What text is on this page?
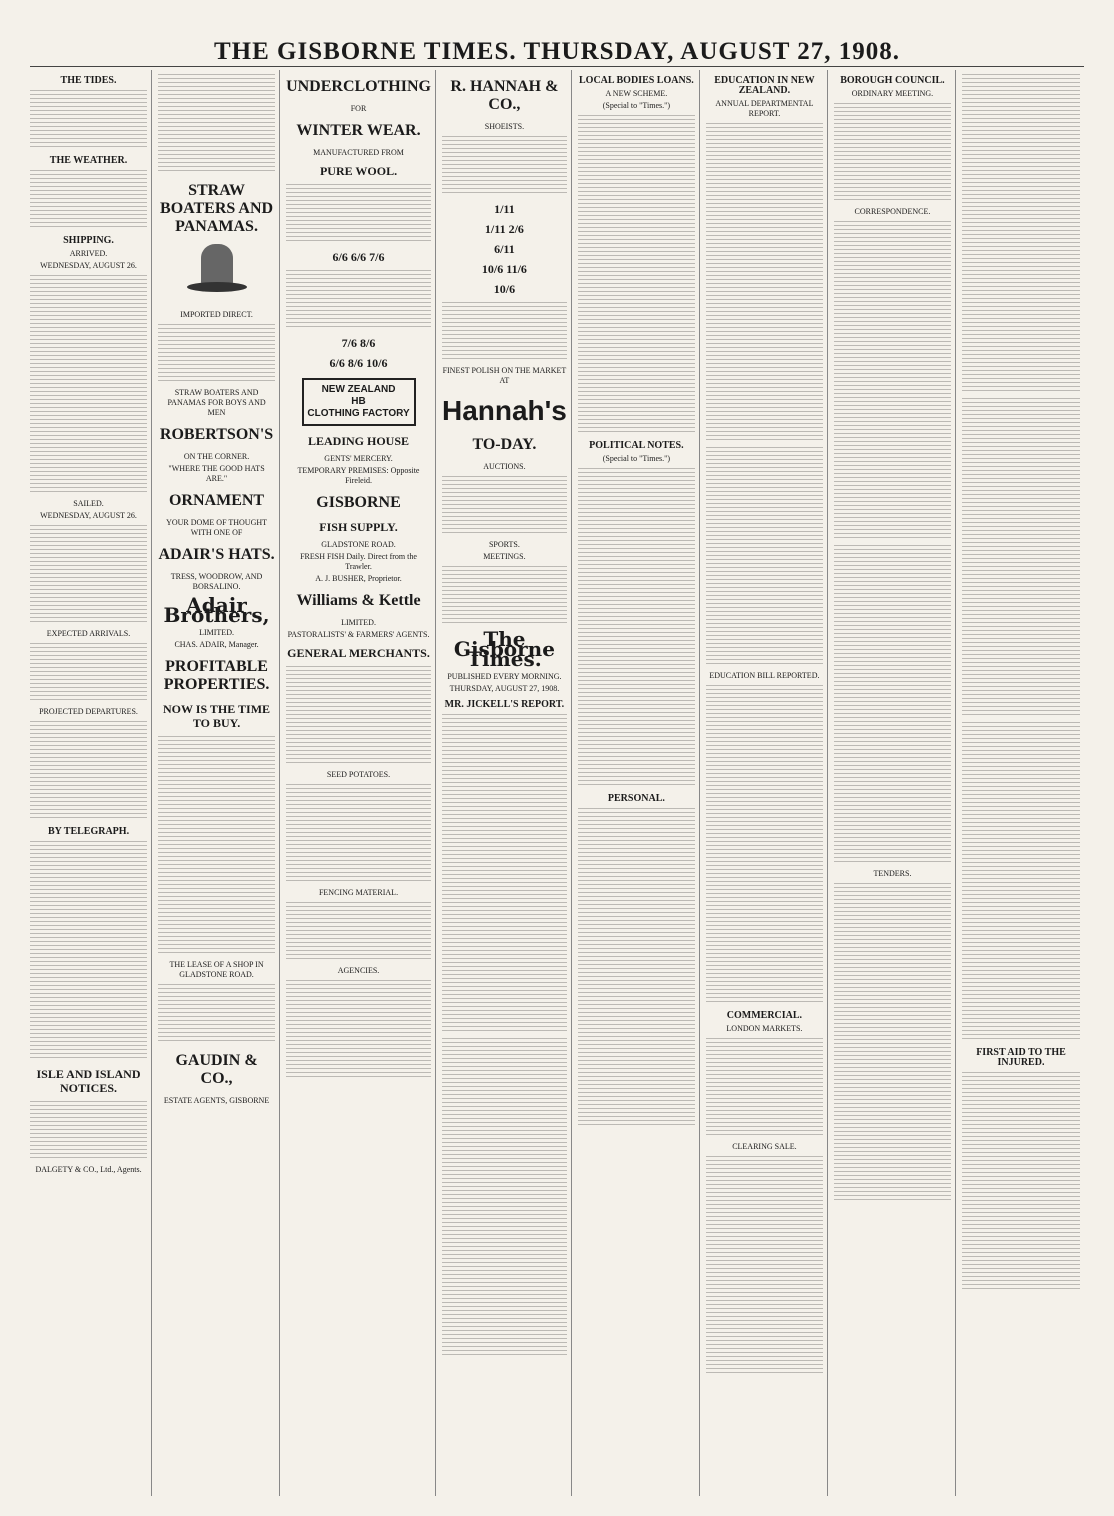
THE GISBORNE TIMES. THURSDAY, AUGUST 27, 1908.
THE TIDES.
THE WEATHER.
SHIPPING.
ARRIVED.
WEDNESDAY, AUGUST 26.
SAILED.
WEDNESDAY, AUGUST 26.
EXPECTED ARRIVALS.
PROJECTED DEPARTURES.
BY TELEGRAPH.
ISLE AND ISLAND NOTICES.
DALGETY & CO., Ltd., Agents.
STRAW BOATERS AND PANAMAS.
IMPORTED DIRECT.
STRAW BOATERS AND PANAMAS FOR BOYS AND MEN
ROBERTSON'S
ON THE CORNER.
"WHERE THE GOOD HATS ARE."
ORNAMENT
YOUR DOME OF THOUGHT WITH ONE OF
ADAIR'S HATS.
TRESS, WOODROW, AND BORSALINO.
Adair Brothers,
LIMITED.
CHAS. ADAIR, Manager.
PROFITABLE PROPERTIES.
NOW IS THE TIME TO BUY.
THE LEASE OF A SHOP IN GLADSTONE ROAD.
GAUDIN & CO.,
ESTATE AGENTS, GISBORNE
UNDERCLOTHING
FOR
WINTER WEAR.
MANUFACTURED FROM
PURE WOOL.
6/6 6/6 7/6
7/6 8/6
6/6 8/6 10/6
NEW ZEALAND
HB
CLOTHING FACTORY
LEADING HOUSE
GENTS' MERCERY.
TEMPORARY PREMISES: Opposite Fireleid.
GISBORNE
FISH SUPPLY.
GLADSTONE ROAD.
FRESH FISH Daily. Direct from the Trawler.
A. J. BUSHER, Proprietor.
Williams & Kettle
LIMITED.
PASTORALISTS' & FARMERS' AGENTS.
GENERAL MERCHANTS.
SEED POTATOES.
FENCING MATERIAL.
AGENCIES.
R. HANNAH & CO.,
SHOEISTS.
1/11
1/11 2/6
6/11
10/6 11/6
10/6
FINEST POLISH ON THE MARKET AT
Hannah's
TO-DAY.
AUCTIONS.
SPORTS.
MEETINGS.
The Gisborne Times.
PUBLISHED EVERY MORNING.
THURSDAY, AUGUST 27, 1908.
MR. JICKELL'S REPORT.
LOCAL BODIES LOANS.
A NEW SCHEME.
(Special to "Times.")
POLITICAL NOTES.
(Special to "Times.")
PERSONAL.
EDUCATION IN NEW ZEALAND.
ANNUAL DEPARTMENTAL REPORT.
EDUCATION BILL REPORTED.
COMMERCIAL.
LONDON MARKETS.
CLEARING SALE.
BOROUGH COUNCIL.
ORDINARY MEETING.
CORRESPONDENCE.
TENDERS.
FIRST AID TO THE INJURED.
